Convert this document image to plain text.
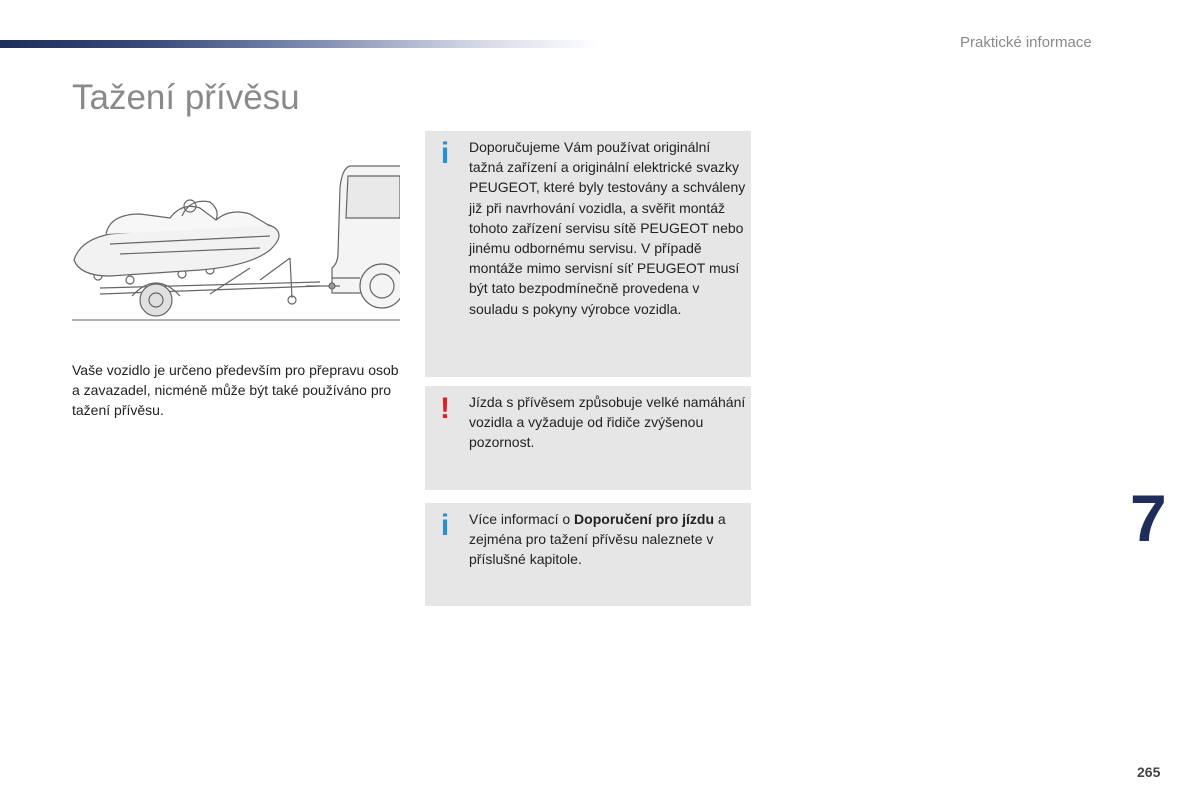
Praktické informace
Tažení přívěsu
Vaše vozidlo je určeno především pro přepravu osob a zavazadel, nicméně může být také používáno pro tažení přívěsu.
i	Doporučujeme Vám používat originální tažná zařízení a originální elektrické svazky PEUGEOT, které byly testovány a schváleny již při navrhování vozidla, a svěřit montáž tohoto zařízení servisu sítě PEUGEOT nebo jinému odbornému servisu. V případě montáže mimo servisní síť PEUGEOT musí být tato bezpodmínečně provedena v souladu s pokyny výrobce vozidla.
!	Jízda s přívěsem způsobuje velké namáhání vozidla a vyžaduje od řidiče zvýšenou pozornost.
i	Více informací o Doporučení pro jízdu a zejména pro tažení přívěsu naleznete v příslušné kapitole.
7
265
